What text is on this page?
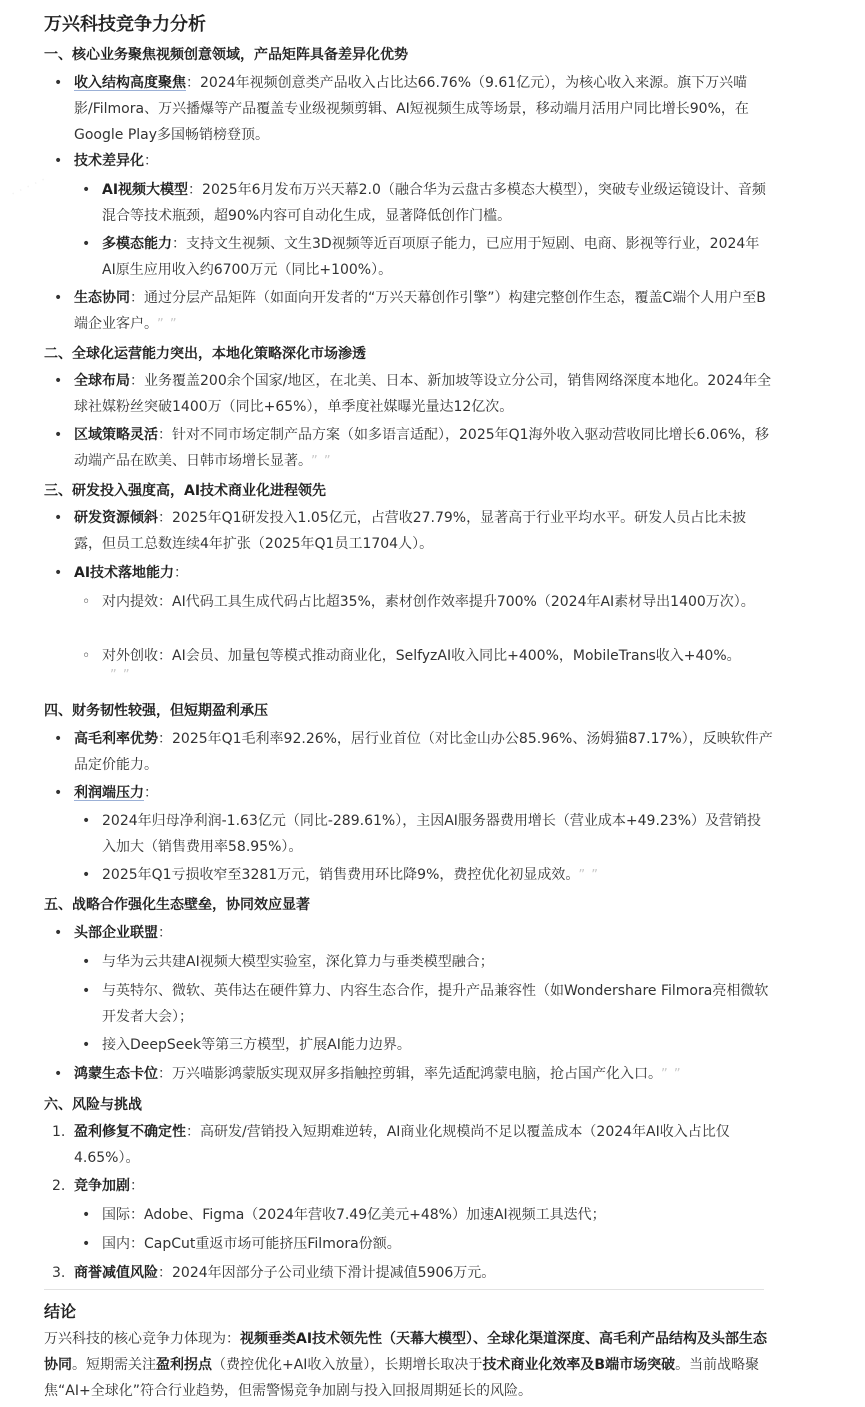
· · · · ·
万兴科技竞争力分析
一、核心业务聚焦视频创意领域，产品矩阵具备差异化优势
• 收入结构高度聚焦：2024年视频创意类产品收入占比达66.76%（9.61亿元），为核心收入来源。旗下万兴喵影/Filmora、万兴播爆等产品覆盖专业级视频剪辑、AI短视频生成等场景，移动端月活用户同比增长90%，在Google Play多国畅销榜登顶。
• 技术差异化：
• AI视频大模型：2025年6月发布万兴天幕2.0（融合华为云盘古多模态大模型），突破专业级运镜设计、音频混合等技术瓶颈，超90%内容可自动化生成，显著降低创作门槛。
• 多模态能力：支持文生视频、文生3D视频等近百项原子能力，已应用于短剧、电商、影视等行业，2024年AI原生应用收入约6700万元（同比+100%）。
• 生态协同：通过分层产品矩阵（如面向开发者的“万兴天幕创作引擎”）构建完整创作生态，覆盖C端个人用户至B端企业客户。 ” ”
二、全球化运营能力突出，本地化策略深化市场渗透
• 全球布局：业务覆盖200余个国家/地区，在北美、日本、新加坡等设立分公司，销售网络深度本地化。2024年全球社媒粉丝突破1400万（同比+65%），单季度社媒曝光量达12亿次。
• 区域策略灵活：针对不同市场定制产品方案（如多语言适配），2025年Q1海外收入驱动营收同比增长6.06%，移动端产品在欧美、日韩市场增长显著。 ” ”
三、研发投入强度高，AI技术商业化进程领先
• 研发资源倾斜：2025年Q1研发投入1.05亿元，占营收27.79%，显著高于行业平均水平。研发人员占比未披露，但员工总数连续4年扩张（2025年Q1员工1704人）。
• AI技术落地能力：
◦ 对内提效：AI代码工具生成代码占比超35%，素材创作效率提升700%（2024年AI素材导出1400万次）。
◦ 对外创收：AI会员、加量包等模式推动商业化，SelfyzAI收入同比+400%，MobileTrans收入+40%。
” ”
四、财务韧性较强，但短期盈利承压
• 高毛利率优势：2025年Q1毛利率92.26%，居行业首位（对比金山办公85.96%、汤姆猫87.17%），反映软件产品定价能力。
• 利润端压力：
• 2024年归母净利润-1.63亿元（同比-289.61%），主因AI服务器费用增长（营业成本+49.23%）及营销投入加大（销售费用率58.95%）。
• 2025年Q1亏损收窄至3281万元，销售费用环比降9%，费控优化初显成效。 ” ”
五、战略合作强化生态壁垒，协同效应显著
• 头部企业联盟：
• 与华为云共建AI视频大模型实验室，深化算力与垂类模型融合；
• 与英特尔、微软、英伟达在硬件算力、内容生态合作，提升产品兼容性（如Wondershare Filmora亮相微软开发者大会）；
• 接入DeepSeek等第三方模型，扩展AI能力边界。
• 鸿蒙生态卡位：万兴喵影鸿蒙版实现双屏多指触控剪辑，率先适配鸿蒙电脑，抢占国产化入口。 ” ”
六、风险与挑战
1. 盈利修复不确定性：高研发/营销投入短期难逆转，AI商业化规模尚不足以覆盖成本（2024年AI收入占比仅4.65%）。
2. 竞争加剧：
• 国际：Adobe、Figma（2024年营收7.49亿美元+48%）加速AI视频工具迭代；
• 国内：CapCut重返市场可能挤压Filmora份额。
3. 商誉减值风险：2024年因部分子公司业绩下滑计提减值5906万元。
结论
万兴科技的核心竞争力体现为：视频垂类AI技术领先性（天幕大模型）、全球化渠道深度、高毛利产品结构及头部生态协同。短期需关注盈利拐点（费控优化+AI收入放量），长期增长取决于技术商业化效率及B端市场突破。当前战略聚焦“AI+全球化”符合行业趋势，但需警惕竞争加剧与投入回报周期延长的风险。
